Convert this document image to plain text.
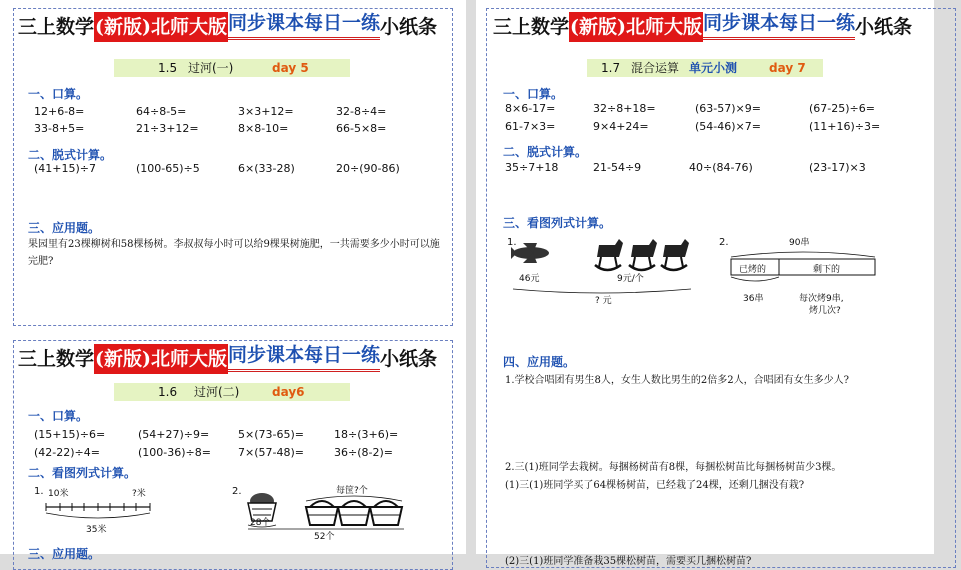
三上数学(新版)北师大版同步课本每日一练小纸条
1.5 过河(一)	day 5
一、口算。
12+6-8=	64÷8-5=	3×3+12=	32-8÷4=
33-8+5=	21÷3+12=	8×8-10=	66-5×8=
二、脱式计算。
(41+15)÷7	(100-65)÷5	6×(33-28)	20÷(90-86)
三、应用题。
果园里有23棵柳树和58棵杨树。李叔叔每小时可以给9棵果树施肥，一共需要多少小时可以施完肥?
三上数学(新版)北师大版同步课本每日一练小纸条
1.6 过河(二)	day6
一、口算。
(15+15)÷6=	(54+27)÷9=	5×(73-65)=	18÷(3+6)=
(42-22)÷4=	(100-36)÷8= 7×(57-48)=	36÷(8-2)=
二、看图列式计算。
1. 10米	?米
35米
2.	每筐?个
28个
52个
三、应用题。
三上数学(新版)北师大版同步课本每日一练小纸条
1.7 混合运算 单元小测	day 7
一、口算。
8×6-17=	32÷8+18=	(63-57)×9=	(67-25)÷6=
61-7×3=	9×4+24=	(54-46)×7=	(11+16)÷3=
二、脱式计算。
35÷7+18	21-54÷9	40÷(84-76)	(23-17)×3
三、看图列式计算。
1.
46元	9元/个
? 元
2.	90串
已烤的	剩下的
36串	每次烤9串,
烤几次?
四、应用题。
1.学校合唱团有男生8人，女生人数比男生的2倍多2人，合唱团有女生多少人?
2.三(1)班同学去栽树。每捆杨树苗有8棵，每捆松树苗比每捆杨树苗少3棵。
(1)三(1)班同学买了64棵杨树苗，已经栽了24棵，还剩几捆没有栽?
(2)三(1)班同学准备栽35棵松树苗，需要买几捆松树苗?
